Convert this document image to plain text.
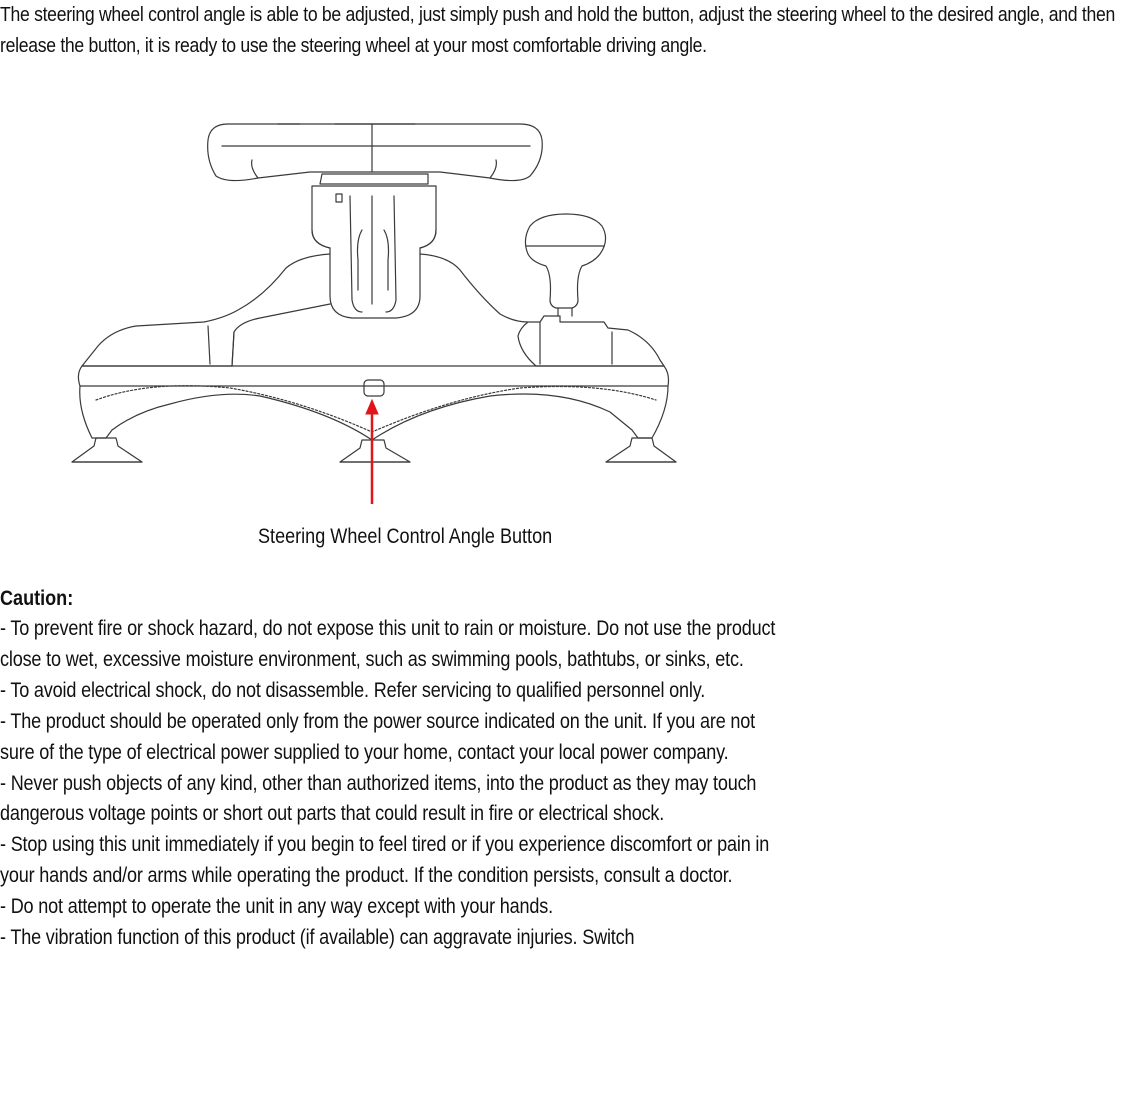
The steering wheel control angle is able to be adjusted, just simply push and hold the button, adjust the steering wheel to the desired angle, and then release the button, it is ready to use the steering wheel at your most comfortable driving angle.

Steering Wheel Control Angle Button

Caution:

- To prevent fire or shock hazard, do not expose this unit to rain or moisture. Do not use the product close to wet, excessive moisture environment, such as swimming pools, bathtubs, or sinks, etc.

- To avoid electrical shock, do not disassemble. Refer servicing to qualified personnel only.

- The product should be operated only from the power source indicated on the unit. If you are not sure of the type of electrical power supplied to your home, contact your local power company.

- Never push objects of any kind, other than authorized items, into the product as they may touch dangerous voltage points or short out parts that could result in fire or electrical shock.

- Stop using this unit immediately if you begin to feel tired or if you experience discomfort or pain in your hands and/or arms while operating the product. If the condition persists, consult a doctor.

- Do not attempt to operate the unit in any way except with your hands.

- The vibration function of this product (if available) can aggravate injuries. Switch
